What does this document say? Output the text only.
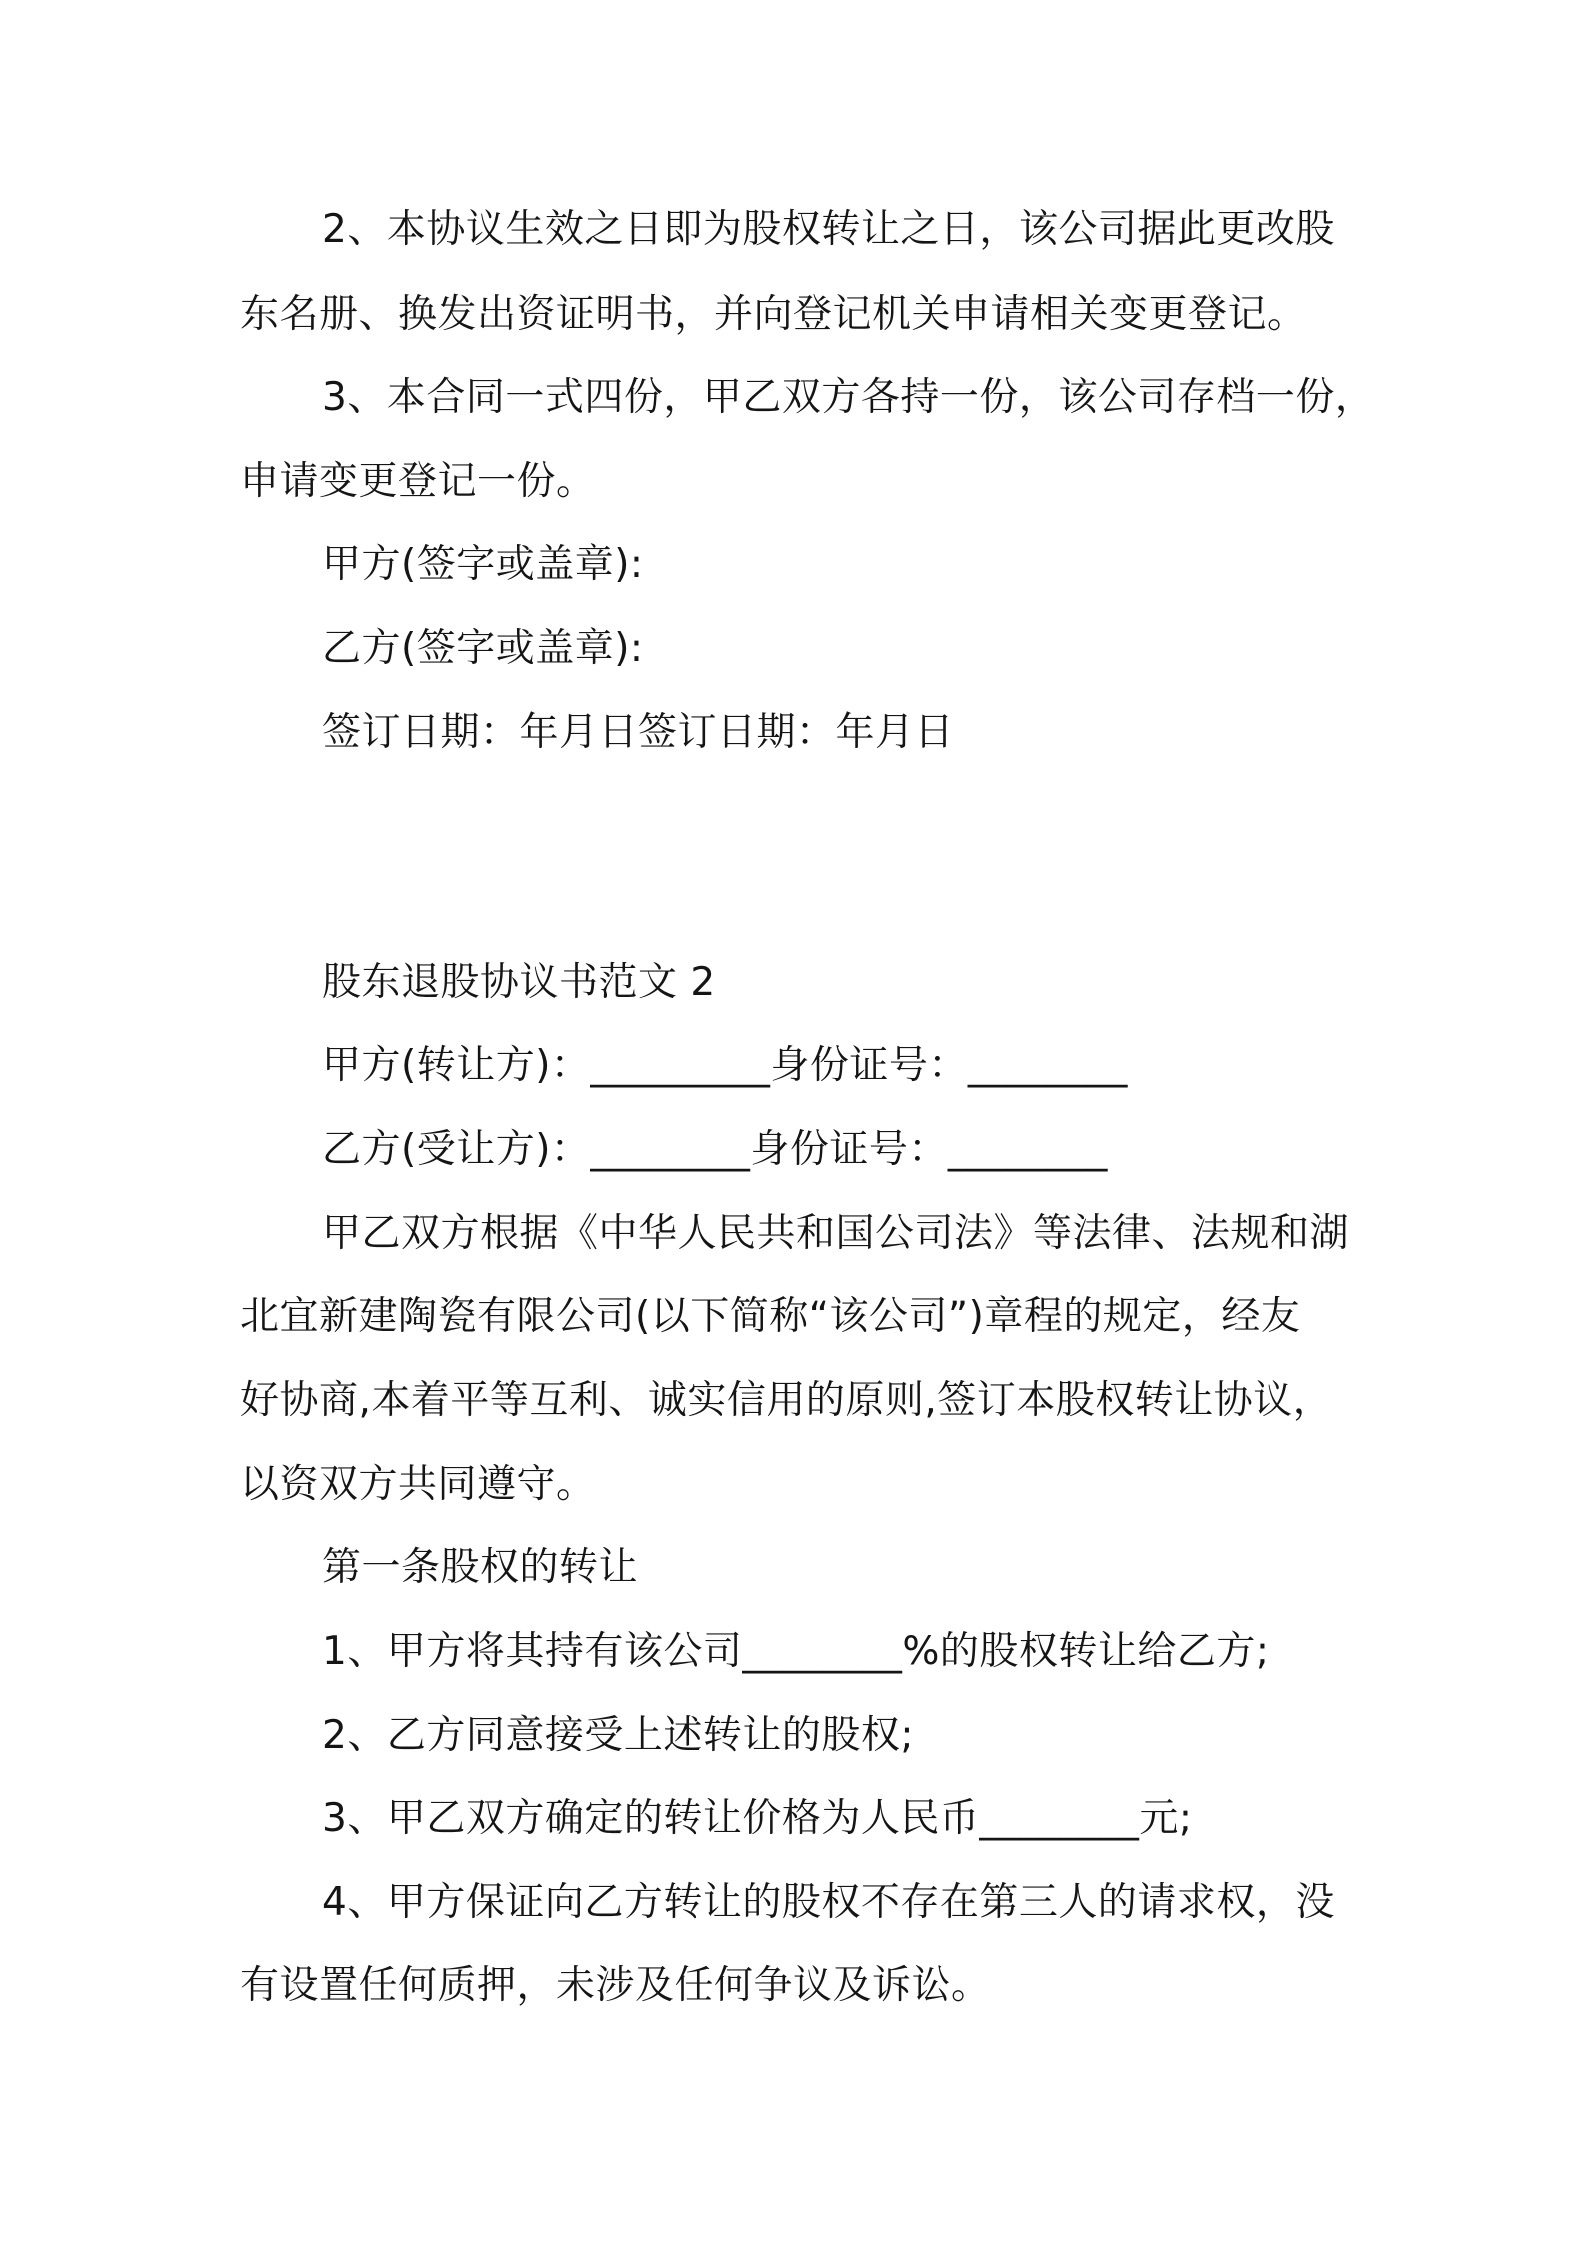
2、本协议生效之日即为股权转让之日，该公司据此更改股
东名册、换发出资证明书，并向登记机关申请相关变更登记。
3、本合同一式四份，甲乙双方各持一份，该公司存档一份，
申请变更登记一份。
甲方(签字或盖章):
乙方(签字或盖章):
签订日期：年月日签订日期：年月日
股东退股协议书范文 2
甲方(转让方)：_________身份证号：________
乙方(受让方)：________身份证号：________
甲乙双方根据《中华人民共和国公司法》等法律、法规和湖
北宜新建陶瓷有限公司(以下简称“该公司”)章程的规定，经友
好协商,本着平等互利、诚实信用的原则,签订本股权转让协议，
以资双方共同遵守。
第一条股权的转让
1、甲方将其持有该公司________%的股权转让给乙方;
2、乙方同意接受上述转让的股权;
3、甲乙双方确定的转让价格为人民币________元;
4、甲方保证向乙方转让的股权不存在第三人的请求权，没
有设置任何质押，未涉及任何争议及诉讼。
